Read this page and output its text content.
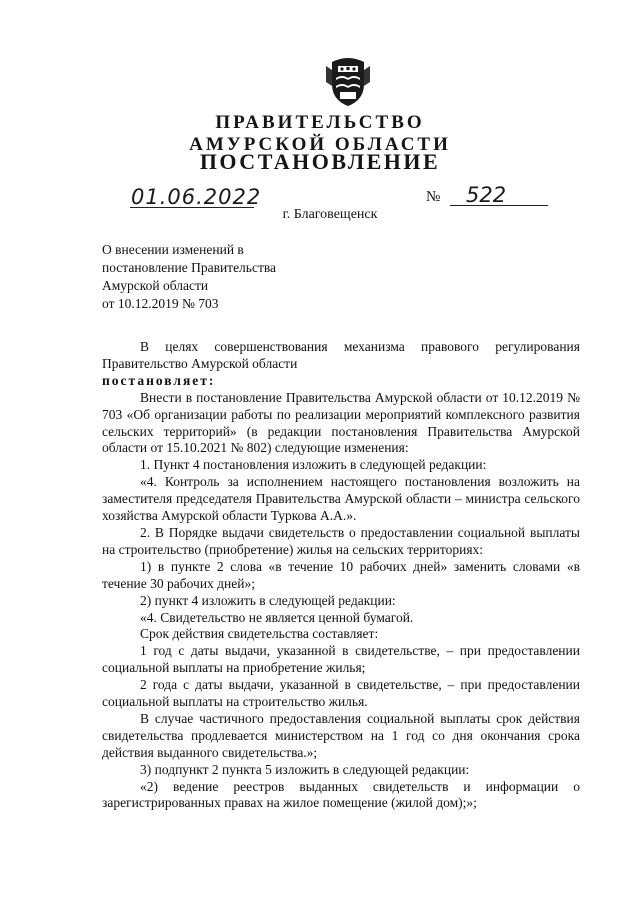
ПРАВИТЕЛЬСТВО
АМУРСКОЙ ОБЛАСТИ
ПОСТАНОВЛЕНИЕ
01.06.2022	№ 522
г. Благовещенск
О внесении изменений в
постановление Правительства
Амурской области
от 10.12.2019 № 703
В целях совершенствования механизма правового регулирования Правительство Амурской области
постановляет:
Внести в постановление Правительства Амурской области от 10.12.2019 № 703 «Об организации работы по реализации мероприятий комплексного развития сельских территорий» (в редакции постановления Правительства Амурской области от 15.10.2021 № 802) следующие изменения:
1. Пункт 4 постановления изложить в следующей редакции:
«4. Контроль за исполнением настоящего постановления возложить на заместителя председателя Правительства Амурской области – министра сельского хозяйства Амурской области Туркова А.А.».
2. В Порядке выдачи свидетельств о предоставлении социальной выплаты на строительство (приобретение) жилья на сельских территориях:
1) в пункте 2 слова «в течение 10 рабочих дней» заменить словами «в течение 30 рабочих дней»;
2) пункт 4 изложить в следующей редакции:
«4. Свидетельство не является ценной бумагой.
Срок действия свидетельства составляет:
1 год с даты выдачи, указанной в свидетельстве, – при предоставлении социальной выплаты на приобретение жилья;
2 года с даты выдачи, указанной в свидетельстве, – при предоставлении социальной выплаты на строительство жилья.
В случае частичного предоставления социальной выплаты срок действия свидетельства продлевается министерством на 1 год со дня окончания срока действия выданного свидетельства.»;
3) подпункт 2 пункта 5 изложить в следующей редакции:
«2) ведение реестров выданных свидетельств и информации о зарегистрированных правах на жилое помещение (жилой дом);»;
